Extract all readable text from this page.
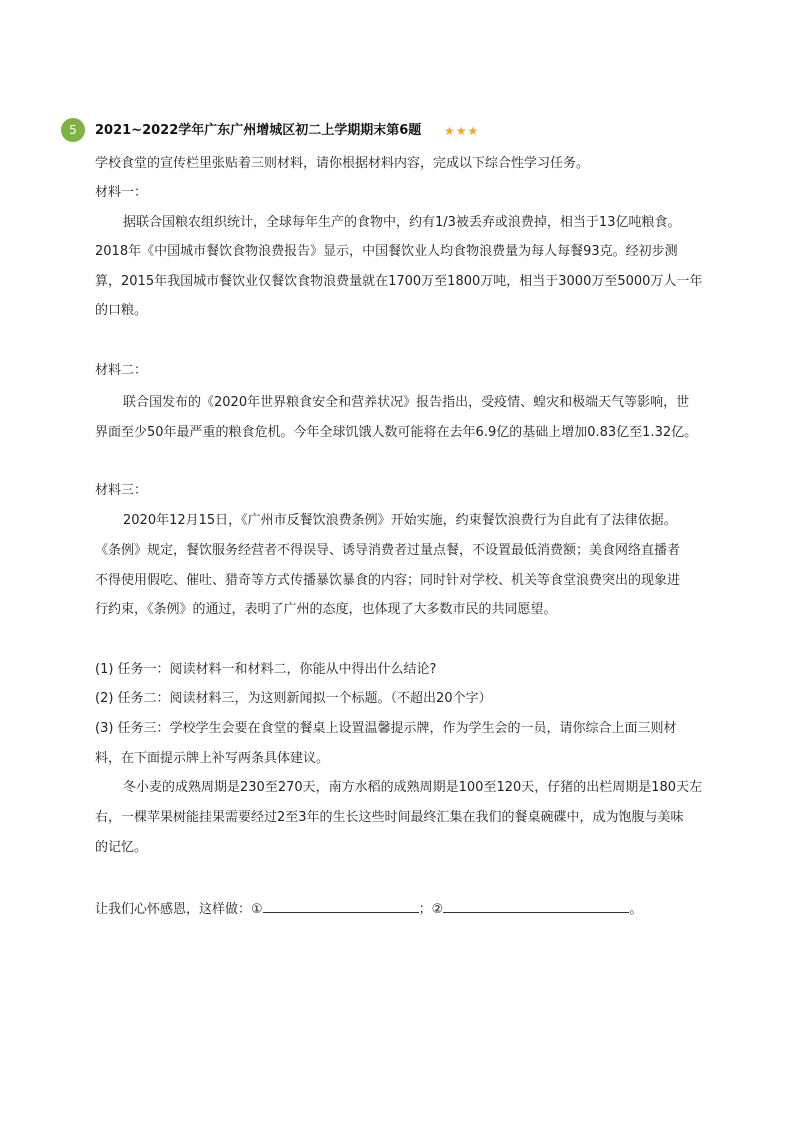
5	2021~2022学年广东广州增城区初二上学期期末第6题 ★★★
学校食堂的宣传栏里张贴着三则材料，请你根据材料内容，完成以下综合性学习任务。
材料一：
据联合国粮农组织统计，全球每年生产的食物中，约有1/3被丢弃或浪费掉，相当于13亿吨粮食。
2018年《中国城市餐饮食物浪费报告》显示，中国餐饮业人均食物浪费量为每人每餐93克。经初步测
算，2015年我国城市餐饮业仅餐饮食物浪费量就在1700万至1800万吨，相当于3000万至5000万人一年
的口粮。
材料二：
联合国发布的《2020年世界粮食安全和营养状况》报告指出，受疫情、蝗灾和极端天气等影响，世
界面至少50年最严重的粮食危机。今年全球饥饿人数可能将在去年6.9亿的基础上增加0.83亿至1.32亿。
材料三：
2020年12月15日，《广州市反餐饮浪费条例》开始实施，约束餐饮浪费行为自此有了法律依据。
《条例》规定，餐饮服务经营者不得误导、诱导消费者过量点餐，不设置最低消费额；美食网络直播者
不得使用假吃、催吐、猎奇等方式传播暴饮暴食的内容；同时针对学校、机关等食堂浪费突出的现象进
行约束，《条例》的通过，表明了广州的态度，也体现了大多数市民的共同愿望。
(1) 任务一：阅读材料一和材料二，你能从中得出什么结论?
(2) 任务二：阅读材料三，为这则新闻拟一个标题。（不超出20个字）
(3) 任务三：学校学生会要在食堂的餐桌上设置温馨提示牌，作为学生会的一员，请你综合上面三则材
料，在下面提示牌上补写两条具体建议。
冬小麦的成熟周期是230至270天，南方水稻的成熟周期是100至120天，仔猪的出栏周期是180天左
右，一棵苹果树能挂果需要经过2至3年的生长这些时间最终汇集在我们的餐桌碗碟中，成为饱腹与美味
的记忆。
让我们心怀感恩，这样做：①	；②	。
